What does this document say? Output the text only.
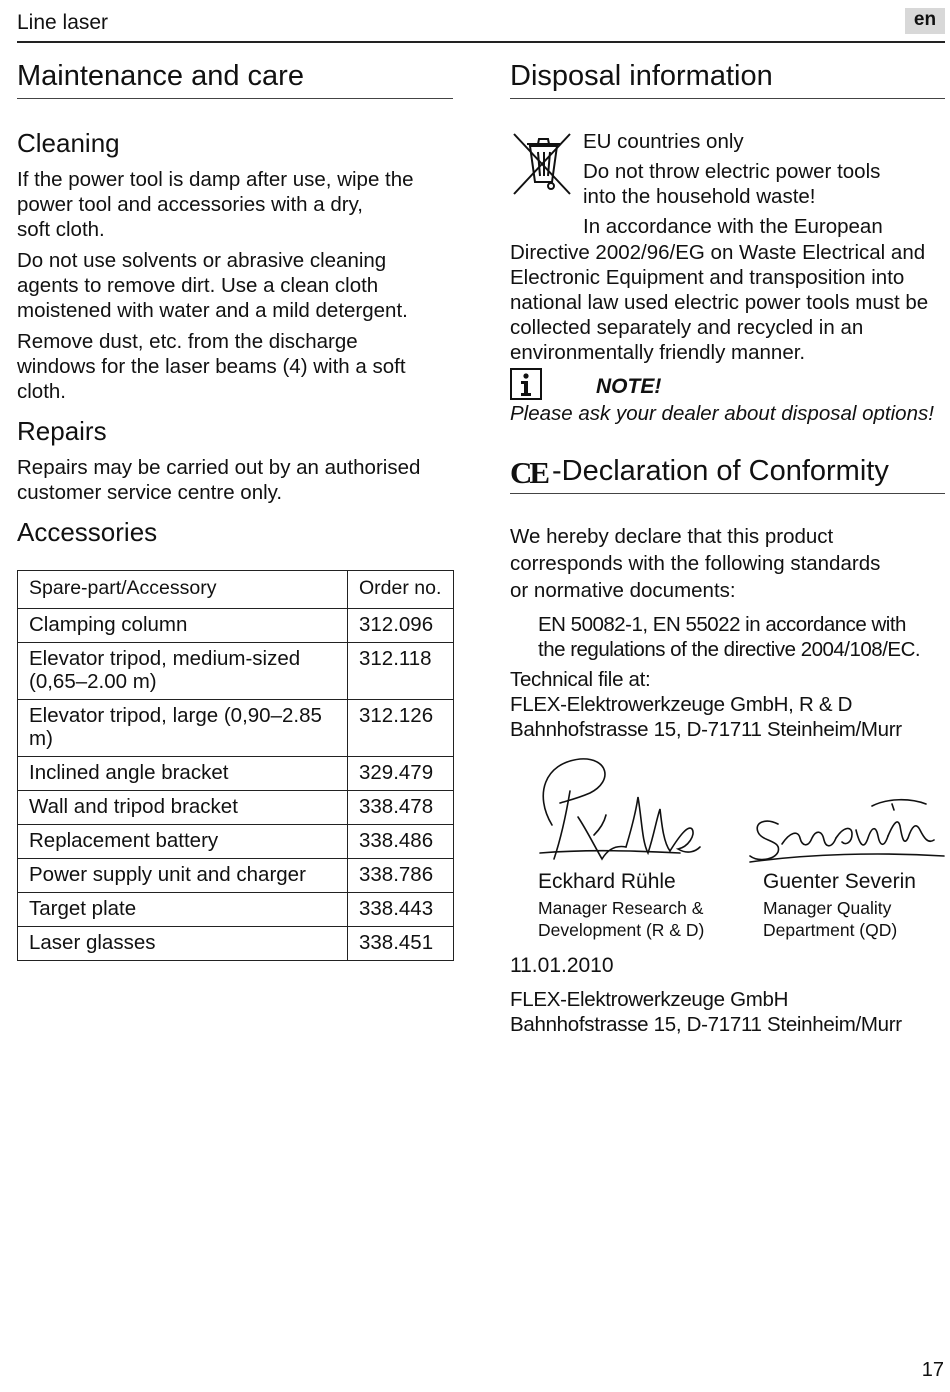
Line laser	en
Maintenance and care
Cleaning

If the power tool is damp after use, wipe the

power tool and accessories with a dry,

soft cloth.

Do not use solvents or abrasive cleaning

agents to remove dirt. Use a clean cloth

moistened with water and a mild detergent.

Remove dust, etc. from the discharge

windows for the laser beams (4) with a soft

cloth.

Repairs

Repairs may be carried out by an authorised

customer service centre only.

Accessories
Spare-part/Accessory	Order no.
Clamping column	312.096
Elevator tripod, medium-sized (0,65–2.00 m)	312.118
Elevator tripod, large (0,90–2.85 m)	312.126
Inclined angle bracket	329.479
Wall and tripod bracket	338.478
Replacement battery	338.486
Power supply unit and charger	338.786
Target plate	338.443
Laser glasses	338.451
Disposal information

EU countries only

Do not throw electric power tools

into the household waste!

In accordance with the European

Directive 2002/96/EG on Waste Electrical and

Electronic Equipment and transposition into

national law used electric power tools must be

collected separately and recycled in an

environmentally friendly manner.

NOTE!
Please ask your dealer about disposal options!
CE -Declaration of Conformity

We hereby declare that this product

corresponds with the following standards

or normative documents:

EN 50082-1, EN 55022 in accordance with

the regulations of the directive 2004/108/EC.

Technical file at:

FLEX-Elektrowerkzeuge GmbH, R & D

Bahnhofstrasse 15, D-71711 Steinheim/Murr

Eckhard Rühle
Manager Research &
Development (R & D)
Guenter Severin
Manager Quality
Department (QD)
11.01.2010

FLEX-Elektrowerkzeuge GmbH

Bahnhofstrasse 15, D-71711 Steinheim/Murr

17
